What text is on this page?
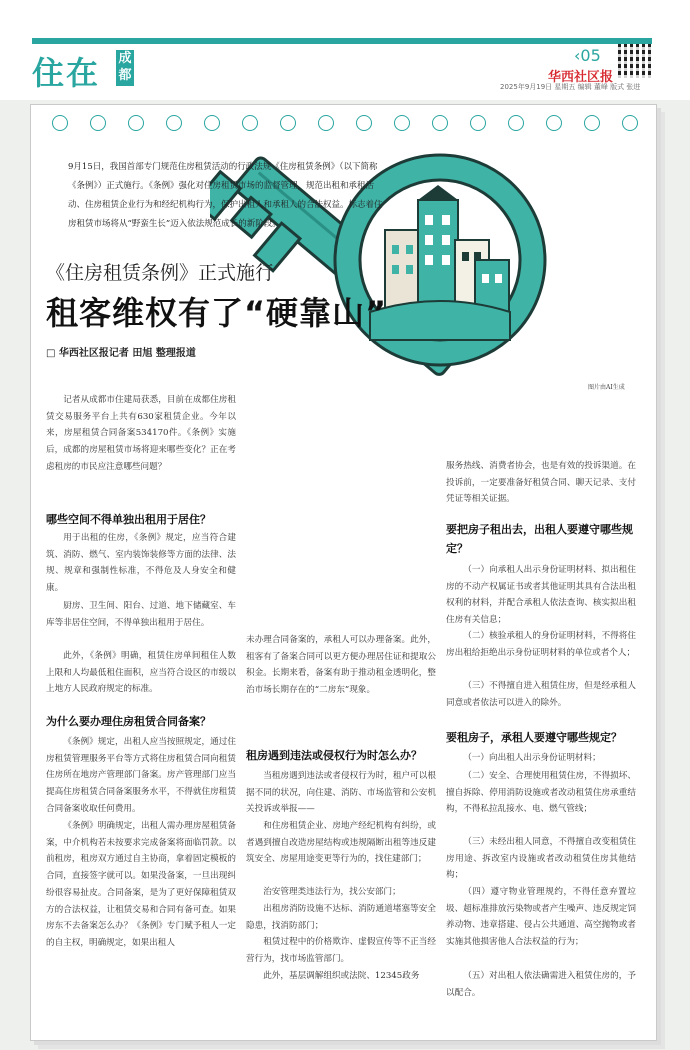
住在 成都
‹05
华西社区报
2025年9月19日 星期五 编辑 董峰 版式 张进
9月15日，我国首部专门规范住房租赁活动的行政法规《住房租赁条例》（以下简称《条例》）正式施行。《条例》强化对住房租赁市场的监督管理，规范出租和承租活动、住房租赁企业行为和经纪机构行为，保护出租人和承租人的合法权益。标志着住房租赁市场将从“野蛮生长”迈入依法规范成长的新阶段。
《住房租赁条例》正式施行
租客维权有了“硬靠山”
□ 华西社区报记者 田旭 整理报道
图片由AI生成
记者从成都市住建局获悉，目前在成都住房租赁交易服务平台上共有630家租赁企业。今年以来，房屋租赁合同备案534170件。《条例》实施后，成都的房屋租赁市场将迎来哪些变化？正在考虑租房的市民应注意哪些问题？
哪些空间不得单独出租用于居住？
用于出租的住房，《条例》规定，应当符合建筑、消防、燃气、室内装饰装修等方面的法律、法规、规章和强制性标准，不得危及人身安全和健康。
厨房、卫生间、阳台、过道、地下储藏室、车库等非居住空间，不得单独出租用于居住。
此外，《条例》明确，租赁住房单间租住人数上限和人均最低租住面积，应当符合设区的市级以上地方人民政府规定的标准。
为什么要办理住房租赁合同备案？
《条例》规定，出租人应当按照规定，通过住房租赁管理服务平台等方式将住房租赁合同向租赁住房所在地房产管理部门备案。房产管理部门应当提高住房租赁合同备案服务水平，不得就住房租赁合同备案收取任何费用。
《条例》明确规定，出租人需办理房屋租赁备案，中介机构若未按要求完成备案将面临罚款。以前租房，租房双方通过自主协商，拿着固定模板的合同，直接签字就可以。如果没备案，一旦出现纠纷很容易扯皮。合同备案，是为了更好保障租赁双方的合法权益，让租赁交易和合同有备可查。如果房东不去备案怎么办？《条例》专门赋予租人一定的自主权，明确规定，如果出租人
未办理合同备案的，承租人可以办理备案。此外，租客有了备案合同可以更方便办理居住证和提取公积金。长期来看，备案有助于推动租金透明化，整治市场长期存在的“二房东”现象。
租房遇到违法或侵权行为时怎么办？
当租房遇到违法或者侵权行为时，租户可以根据不同的状况，向住建、消防、市场监管和公安机关投诉或举报——
和住房租赁企业、房地产经纪机构有纠纷，或者遇到擅自改造房屋结构或违规隔断出租等违反建筑安全、房屋用途变更等行为的，找住建部门；
治安管理类违法行为，找公安部门；
出租房消防设施不达标、消防通道堵塞等安全隐患，找消防部门；
租赁过程中的价格欺诈、虚假宣传等不正当经营行为，找市场监管部门。
此外，基层调解组织或法院、12345政务
服务热线、消费者协会，也是有效的投诉渠道。在投诉前，一定要准备好租赁合同、聊天记录、支付凭证等相关证据。
要把房子租出去，出租人要遵守哪些规定？
（一）向承租人出示身份证明材料、拟出租住房的不动产权属证书或者其他证明其具有合法出租权利的材料，并配合承租人依法查询、核实拟出租住房有关信息；
（二）核验承租人的身份证明材料，不得将住房出租给拒绝出示身份证明材料的单位或者个人；
（三）不得擅自进入租赁住房，但是经承租人同意或者依法可以进入的除外。
要租房子，承租人要遵守哪些规定？
（一）向出租人出示身份证明材料；
（二）安全、合理使用租赁住房，不得损坏、擅自拆除、停用消防设施或者改动租赁住房承重结构，不得私拉乱接水、电、燃气管线；
（三）未经出租人同意，不得擅自改变租赁住房用途、拆改室内设施或者改动租赁住房其他结构；
（四）遵守物业管理规约，不得任意弃置垃圾、超标准排放污染物或者产生噪声、违反规定饲养动物、违章搭建、侵占公共通道、高空抛物或者实施其他损害他人合法权益的行为；
（五）对出租人依法确需进入租赁住房的，予以配合。
